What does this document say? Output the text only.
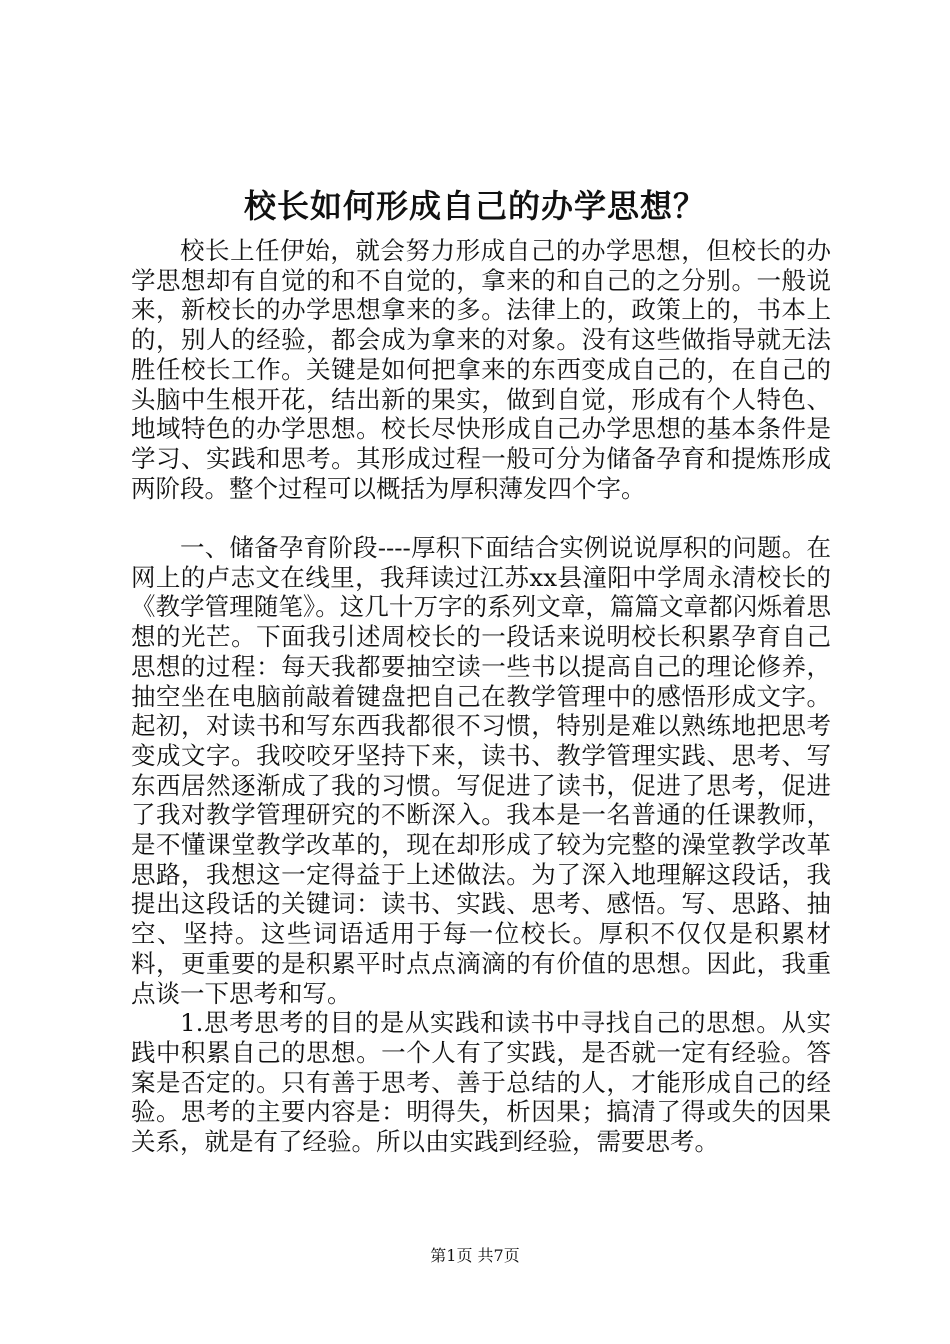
校长如何形成自己的办学思想？

校长上任伊始，就会努力形成自己的办学思想，但校长的办学思想却有自觉的和不自觉的，拿来的和自己的之分别。一般说来，新校长的办学思想拿来的多。法律上的，政策上的，书本上的，别人的经验，都会成为拿来的对象。没有这些做指导就无法胜任校长工作。关键是如何把拿来的东西变成自己的，在自己的头脑中生根开花，结出新的果实，做到自觉，形成有个人特色、地域特色的办学思想。校长尽快形成自己办学思想的基本条件是学习、实践和思考。其形成过程一般可分为储备孕育和提炼形成两阶段。整个过程可以概括为厚积薄发四个字。

一、储备孕育阶段----厚积下面结合实例说说厚积的问题。在网上的卢志文在线里，我拜读过江苏xx县潼阳中学周永清校长的《教学管理随笔》。这几十万字的系列文章，篇篇文章都闪烁着思想的光芒。下面我引述周校长的一段话来说明校长积累孕育自己思想的过程：每天我都要抽空读一些书以提高自己的理论修养，抽空坐在电脑前敲着键盘把自己在教学管理中的感悟形成文字。起初，对读书和写东西我都很不习惯，特别是难以熟练地把思考变成文字。我咬咬牙坚持下来，读书、教学管理实践、思考、写东西居然逐渐成了我的习惯。写促进了读书，促进了思考，促进了我对教学管理研究的不断深入。我本是一名普通的任课教师，是不懂课堂教学改革的，现在却形成了较为完整的澡堂教学改革思路，我想这一定得益于上述做法。为了深入地理解这段话，我提出这段话的关键词：读书、实践、思考、感悟。写、思路、抽空、坚持。这些词语适用于每一位校长。厚积不仅仅是积累材料，更重要的是积累平时点点滴滴的有价值的思想。因此，我重点谈一下思考和写。

1.思考思考的目的是从实践和读书中寻找自己的思想。从实践中积累自己的思想。一个人有了实践，是否就一定有经验。答案是否定的。只有善于思考、善于总结的人，才能形成自己的经验。思考的主要内容是：明得失，析因果；搞清了得或失的因果关系，就是有了经验。所以由实践到经验，需要思考。

第1页 共7页
